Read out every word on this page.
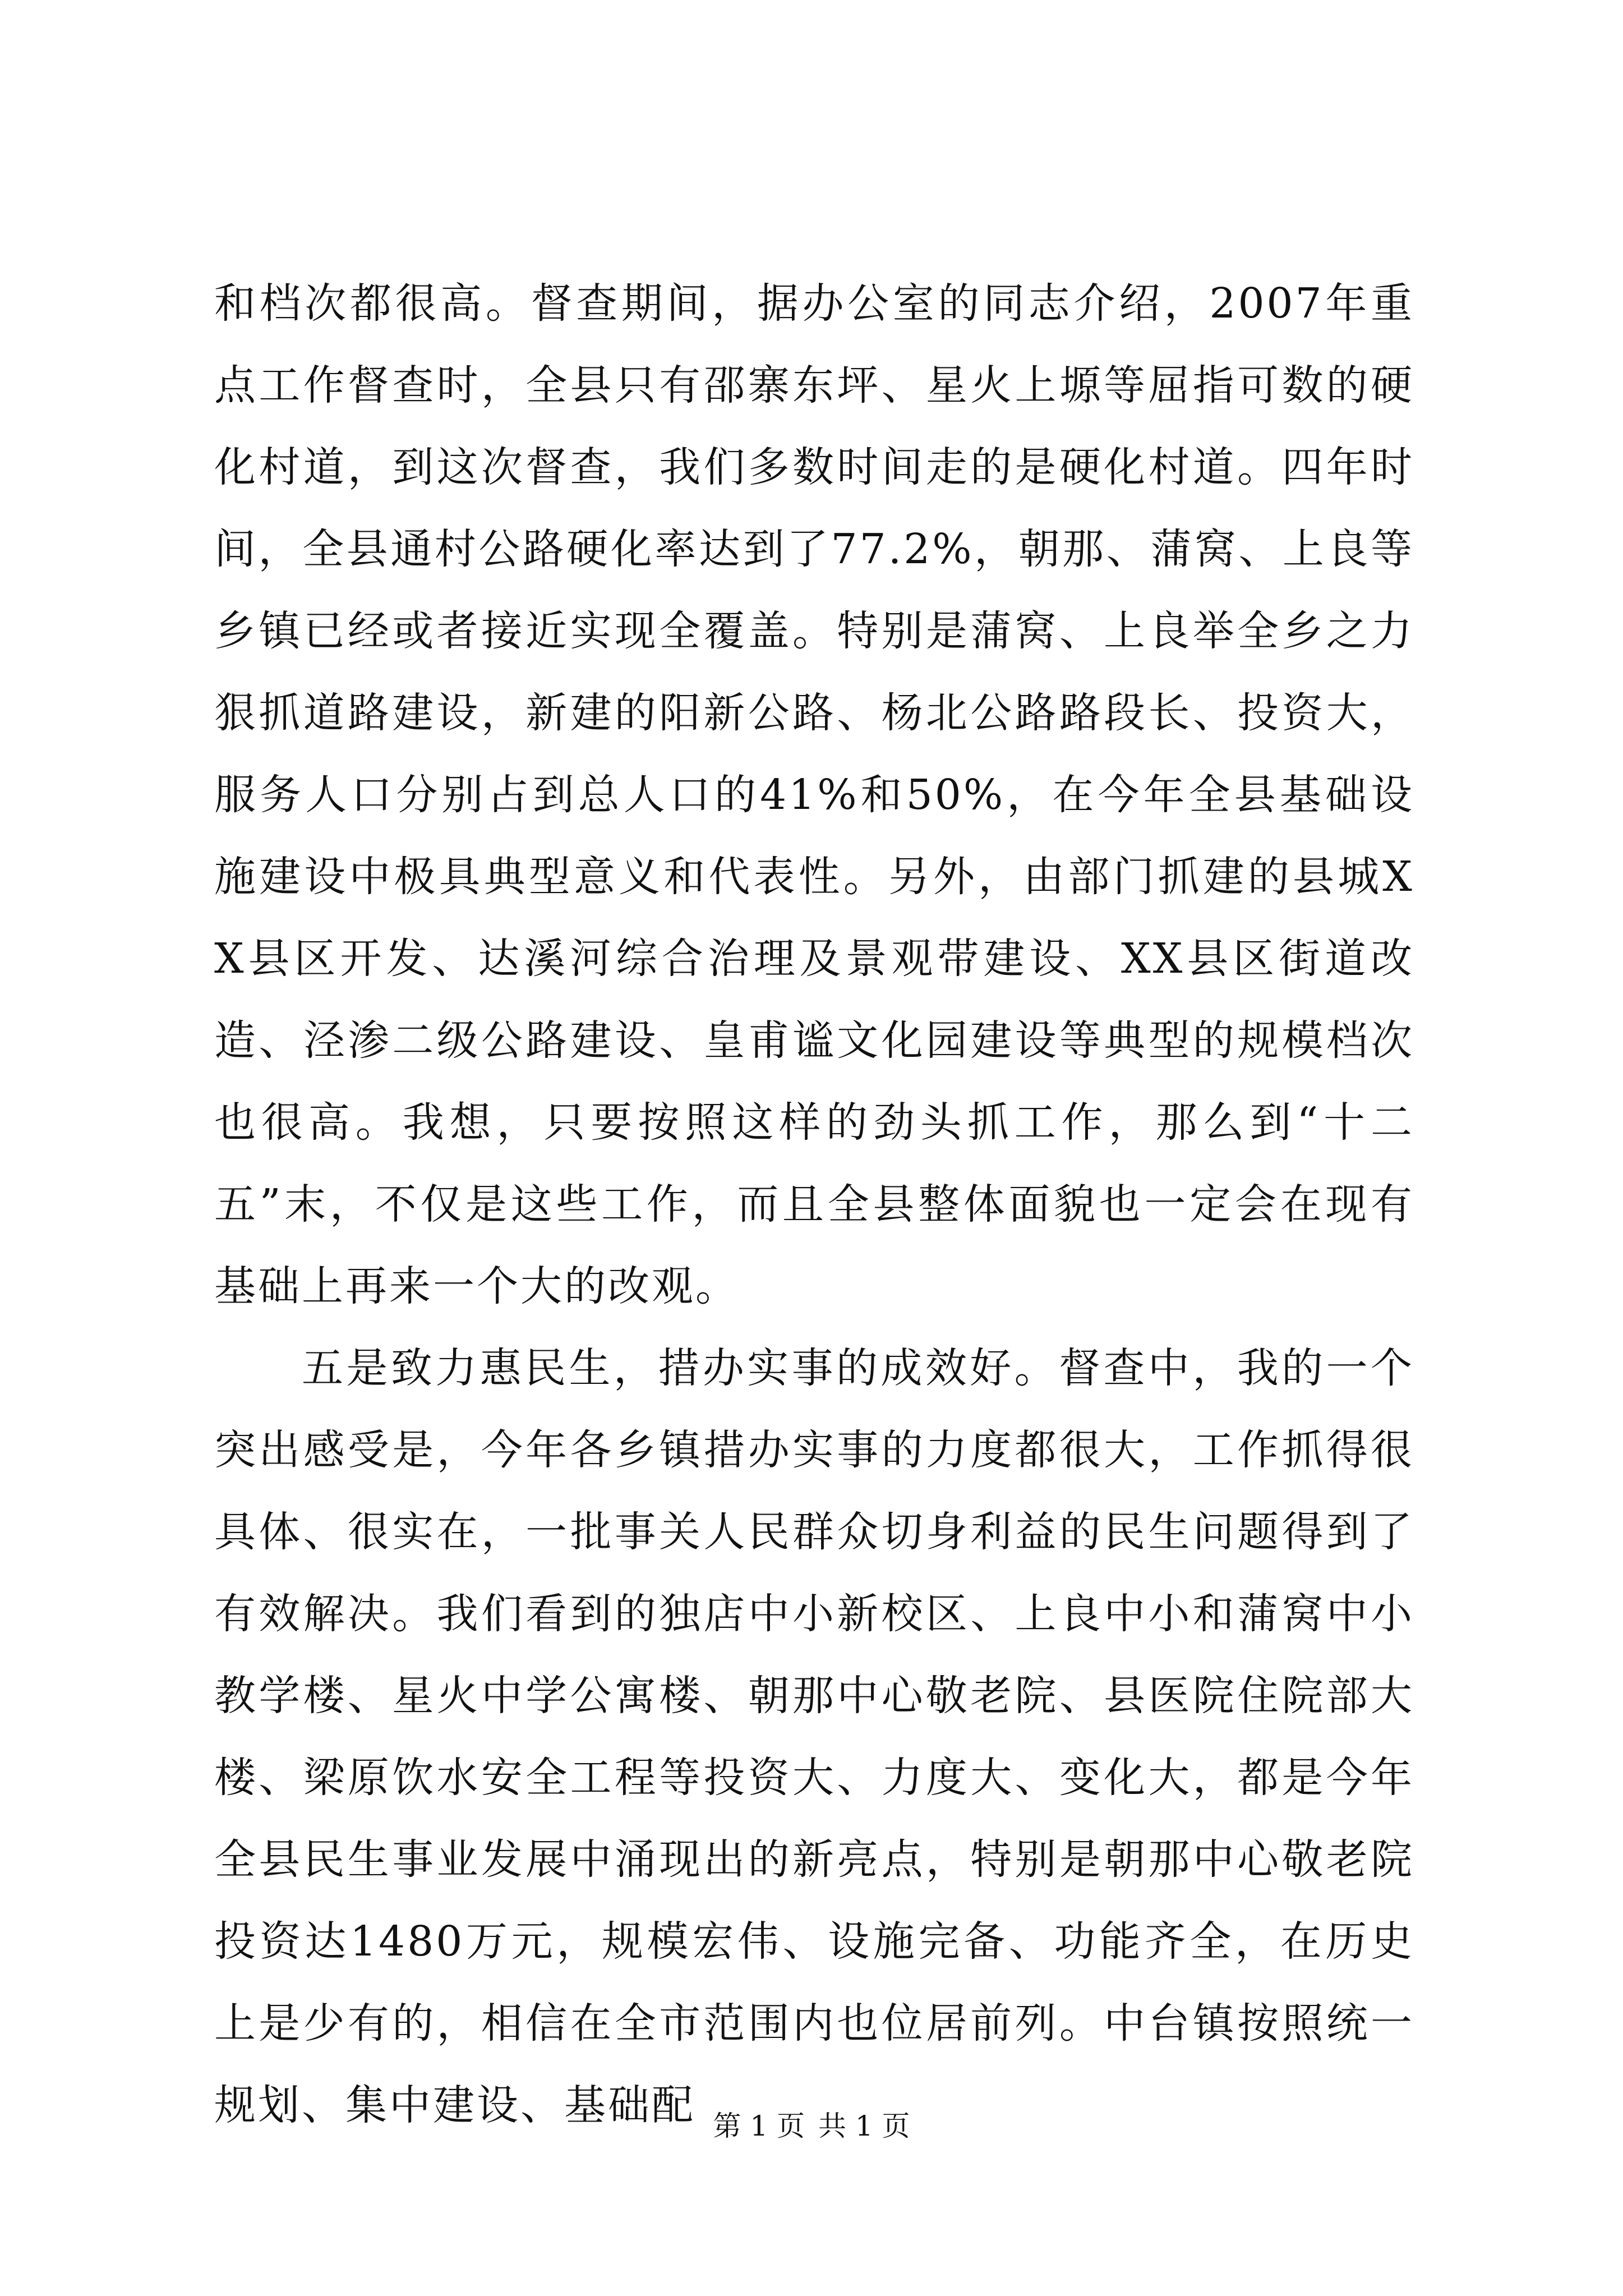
和档次都很高。督查期间，据办公室的同志介绍，2007年重点工作督查时，全县只有邵寨东坪、星火上塬等屈指可数的硬化村道，到这次督查，我们多数时间走的是硬化村道。四年时间，全县通村公路硬化率达到了77.2%，朝那、蒲窝、上良等乡镇已经或者接近实现全覆盖。特别是蒲窝、上良举全乡之力狠抓道路建设，新建的阳新公路、杨北公路路段长、投资大，服务人口分别占到总人口的41%和50%，在今年全县基础设施建设中极具典型意义和代表性。另外，由部门抓建的县城XX县区开发、达溪河综合治理及景观带建设、XX县区街道改造、泾渗二级公路建设、皇甫谧文化园建设等典型的规模档次也很高。我想，只要按照这样的劲头抓工作，那么到“十二五”末，不仅是这些工作，而且全县整体面貌也一定会在现有基础上再来一个大的改观。

五是致力惠民生，措办实事的成效好。督查中，我的一个突出感受是，今年各乡镇措办实事的力度都很大，工作抓得很具体、很实在，一批事关人民群众切身利益的民生问题得到了有效解决。我们看到的独店中小新校区、上良中小和蒲窝中小教学楼、星火中学公寓楼、朝那中心敬老院、县医院住院部大楼、梁原饮水安全工程等投资大、力度大、变化大，都是今年全县民生事业发展中涌现出的新亮点，特别是朝那中心敬老院投资达1480万元，规模宏伟、设施完备、功能齐全，在历史上是少有的，相信在全市范围内也位居前列。中台镇按照统一规划、集中建设、基础配 第 1 页 共 1 页
